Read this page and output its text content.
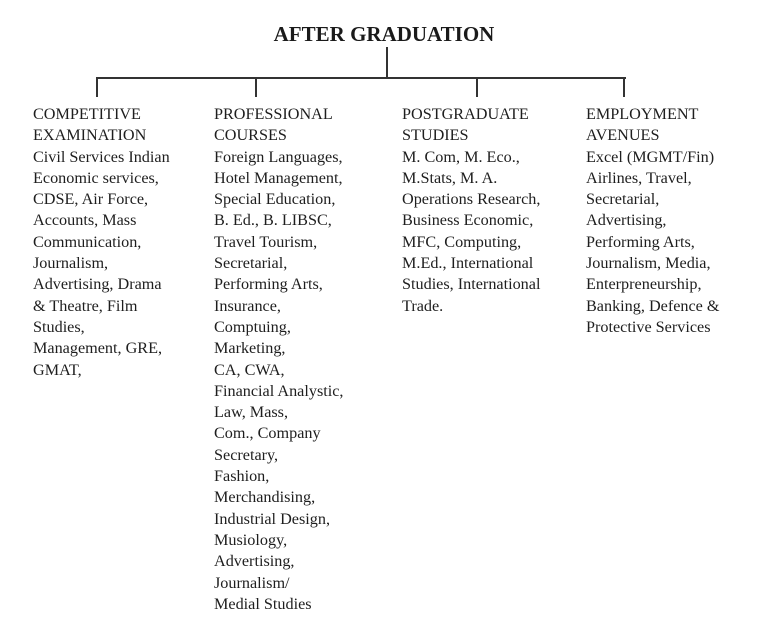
AFTER GRADUATION
COMPETITIVE
EXAMINATION
Civil Services Indian
Economic services,
CDSE, Air Force,
Accounts, Mass
Communication,
Journalism,
Advertising, Drama
& Theatre, Film
Studies,
Management, GRE,
GMAT,
PROFESSIONAL
COURSES
Foreign Languages,
Hotel Management,
Special Education,
B. Ed., B. LIBSC,
Travel Tourism,
Secretarial,
Performing Arts,
Insurance,
Comptuing,
Marketing,
CA, CWA,
Financial Analystic,
Law, Mass,
Com., Company
Secretary,
Fashion,
Merchandising,
Industrial Design,
Musiology,
Advertising,
Journalism/
Medial Studies
POSTGRADUATE
STUDIES
M. Com, M. Eco.,
M.Stats, M. A.
Operations Research,
Business Economic,
MFC, Computing,
M.Ed., International
Studies, International
Trade.
EMPLOYMENT
AVENUES
Excel (MGMT/Fin)
Airlines, Travel,
Secretarial,
Advertising,
Performing Arts,
Journalism, Media,
Enterpreneurship,
Banking, Defence &
Protective Services
